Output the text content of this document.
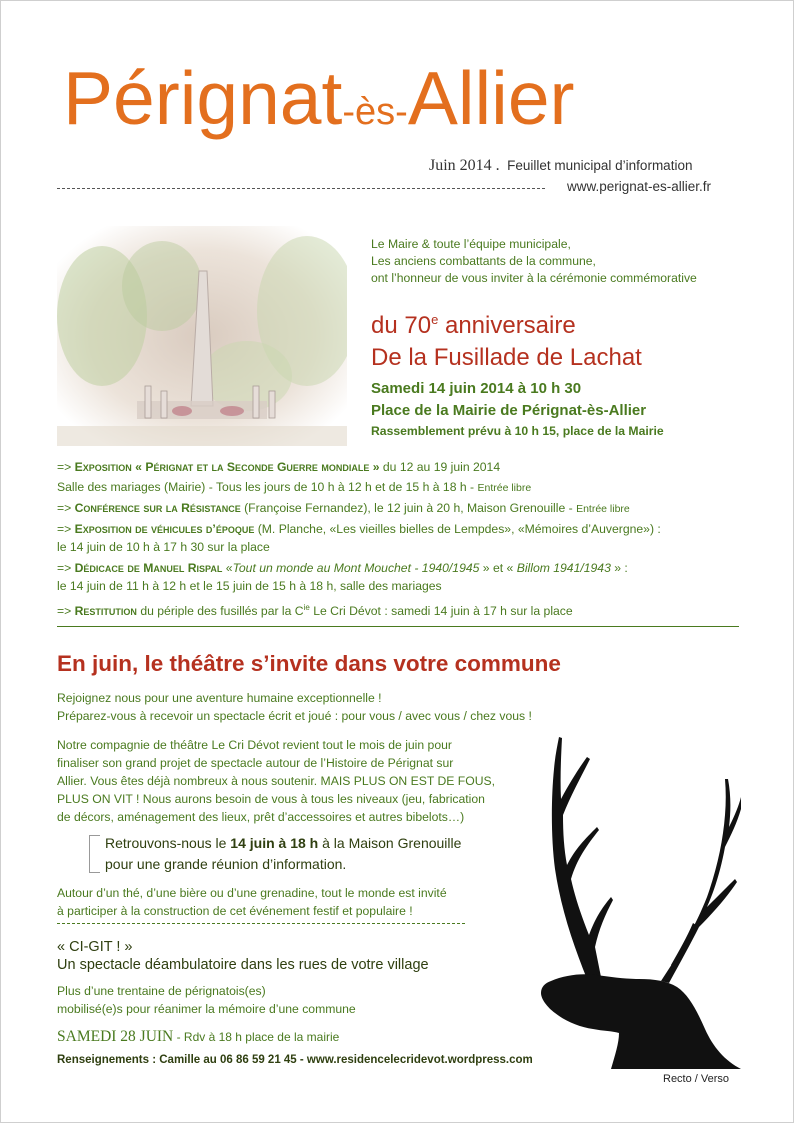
Pérignat-ès-Allier
Juin 2014 . Feuillet municipal d’information
www.perignat-es-allier.fr
Le Maire & toute l’équipe municipale,
Les anciens combattants de la commune,
ont l’honneur de vous inviter à la cérémonie commémorative
du 70e anniversaire
De la Fusillade de Lachat
Samedi 14 juin 2014 à 10 h 30
Place de la Mairie de Pérignat-ès-Allier
Rassemblement prévu à 10 h 15, place de la Mairie
=> Exposition « Pérignat et la Seconde Guerre mondiale » du 12 au 19 juin 2014
Salle des mariages (Mairie) - Tous les jours de 10 h à 12 h et de 15 h à 18 h - Entrée libre
=> Conférence sur la Résistance (Françoise Fernandez), le 12 juin à 20 h, Maison Grenouille - Entrée libre
=> Exposition de véhicules d’époque (M. Planche, «Les vieilles bielles de Lempdes», «Mémoires d’Auvergne») :
le 14 juin de 10 h à 17 h 30 sur la place
=> Dédicace de Manuel Rispal «Tout un monde au Mont Mouchet - 1940/1945 » et « Billom 1941/1943 » :
le 14 juin de 11 h à 12 h et le 15 juin de 15 h à 18 h, salle des mariages
=> Restitution du périple des fusillés par la $C^{ie}$ Le Cri Dévot : samedi 14 juin à 17 h sur la place
En juin, le théâtre s’invite dans votre commune
Rejoignez nous pour une aventure humaine exceptionnelle !
Préparez-vous à recevoir un spectacle écrit et joué : pour vous / avec vous / chez vous !
Notre compagnie de théâtre Le Cri Dévot revient tout le mois de juin pour
finaliser son grand projet de spectacle autour de l’Histoire de Pérignat sur
Allier. Vous êtes déjà nombreux à nous soutenir. MAIS PLUS ON EST DE FOUS,
PLUS ON VIT ! Nous aurons besoin de vous à tous les niveaux (jeu, fabrication
de décors, aménagement des lieux, prêt d’accessoires et autres bibelots…)
Retrouvons-nous le 14 juin à 18 h à la Maison Grenouille
pour une grande réunion d’information.
Autour d’un thé, d’une bière ou d’une grenadine, tout le monde est invité
à participer à la construction de cet événement festif et populaire !
« CI-GIT ! »
Un spectacle déambulatoire dans les rues de votre village
Plus d’une trentaine de pérignatois(es)
mobilisé(e)s pour réanimer la mémoire d’une commune
SAMEDI 28 JUIN - Rdv à 18 h place de la mairie
Renseignements : Camille au 06 86 59 21 45 - www.residencelecridevot.wordpress.com
Recto / Verso
